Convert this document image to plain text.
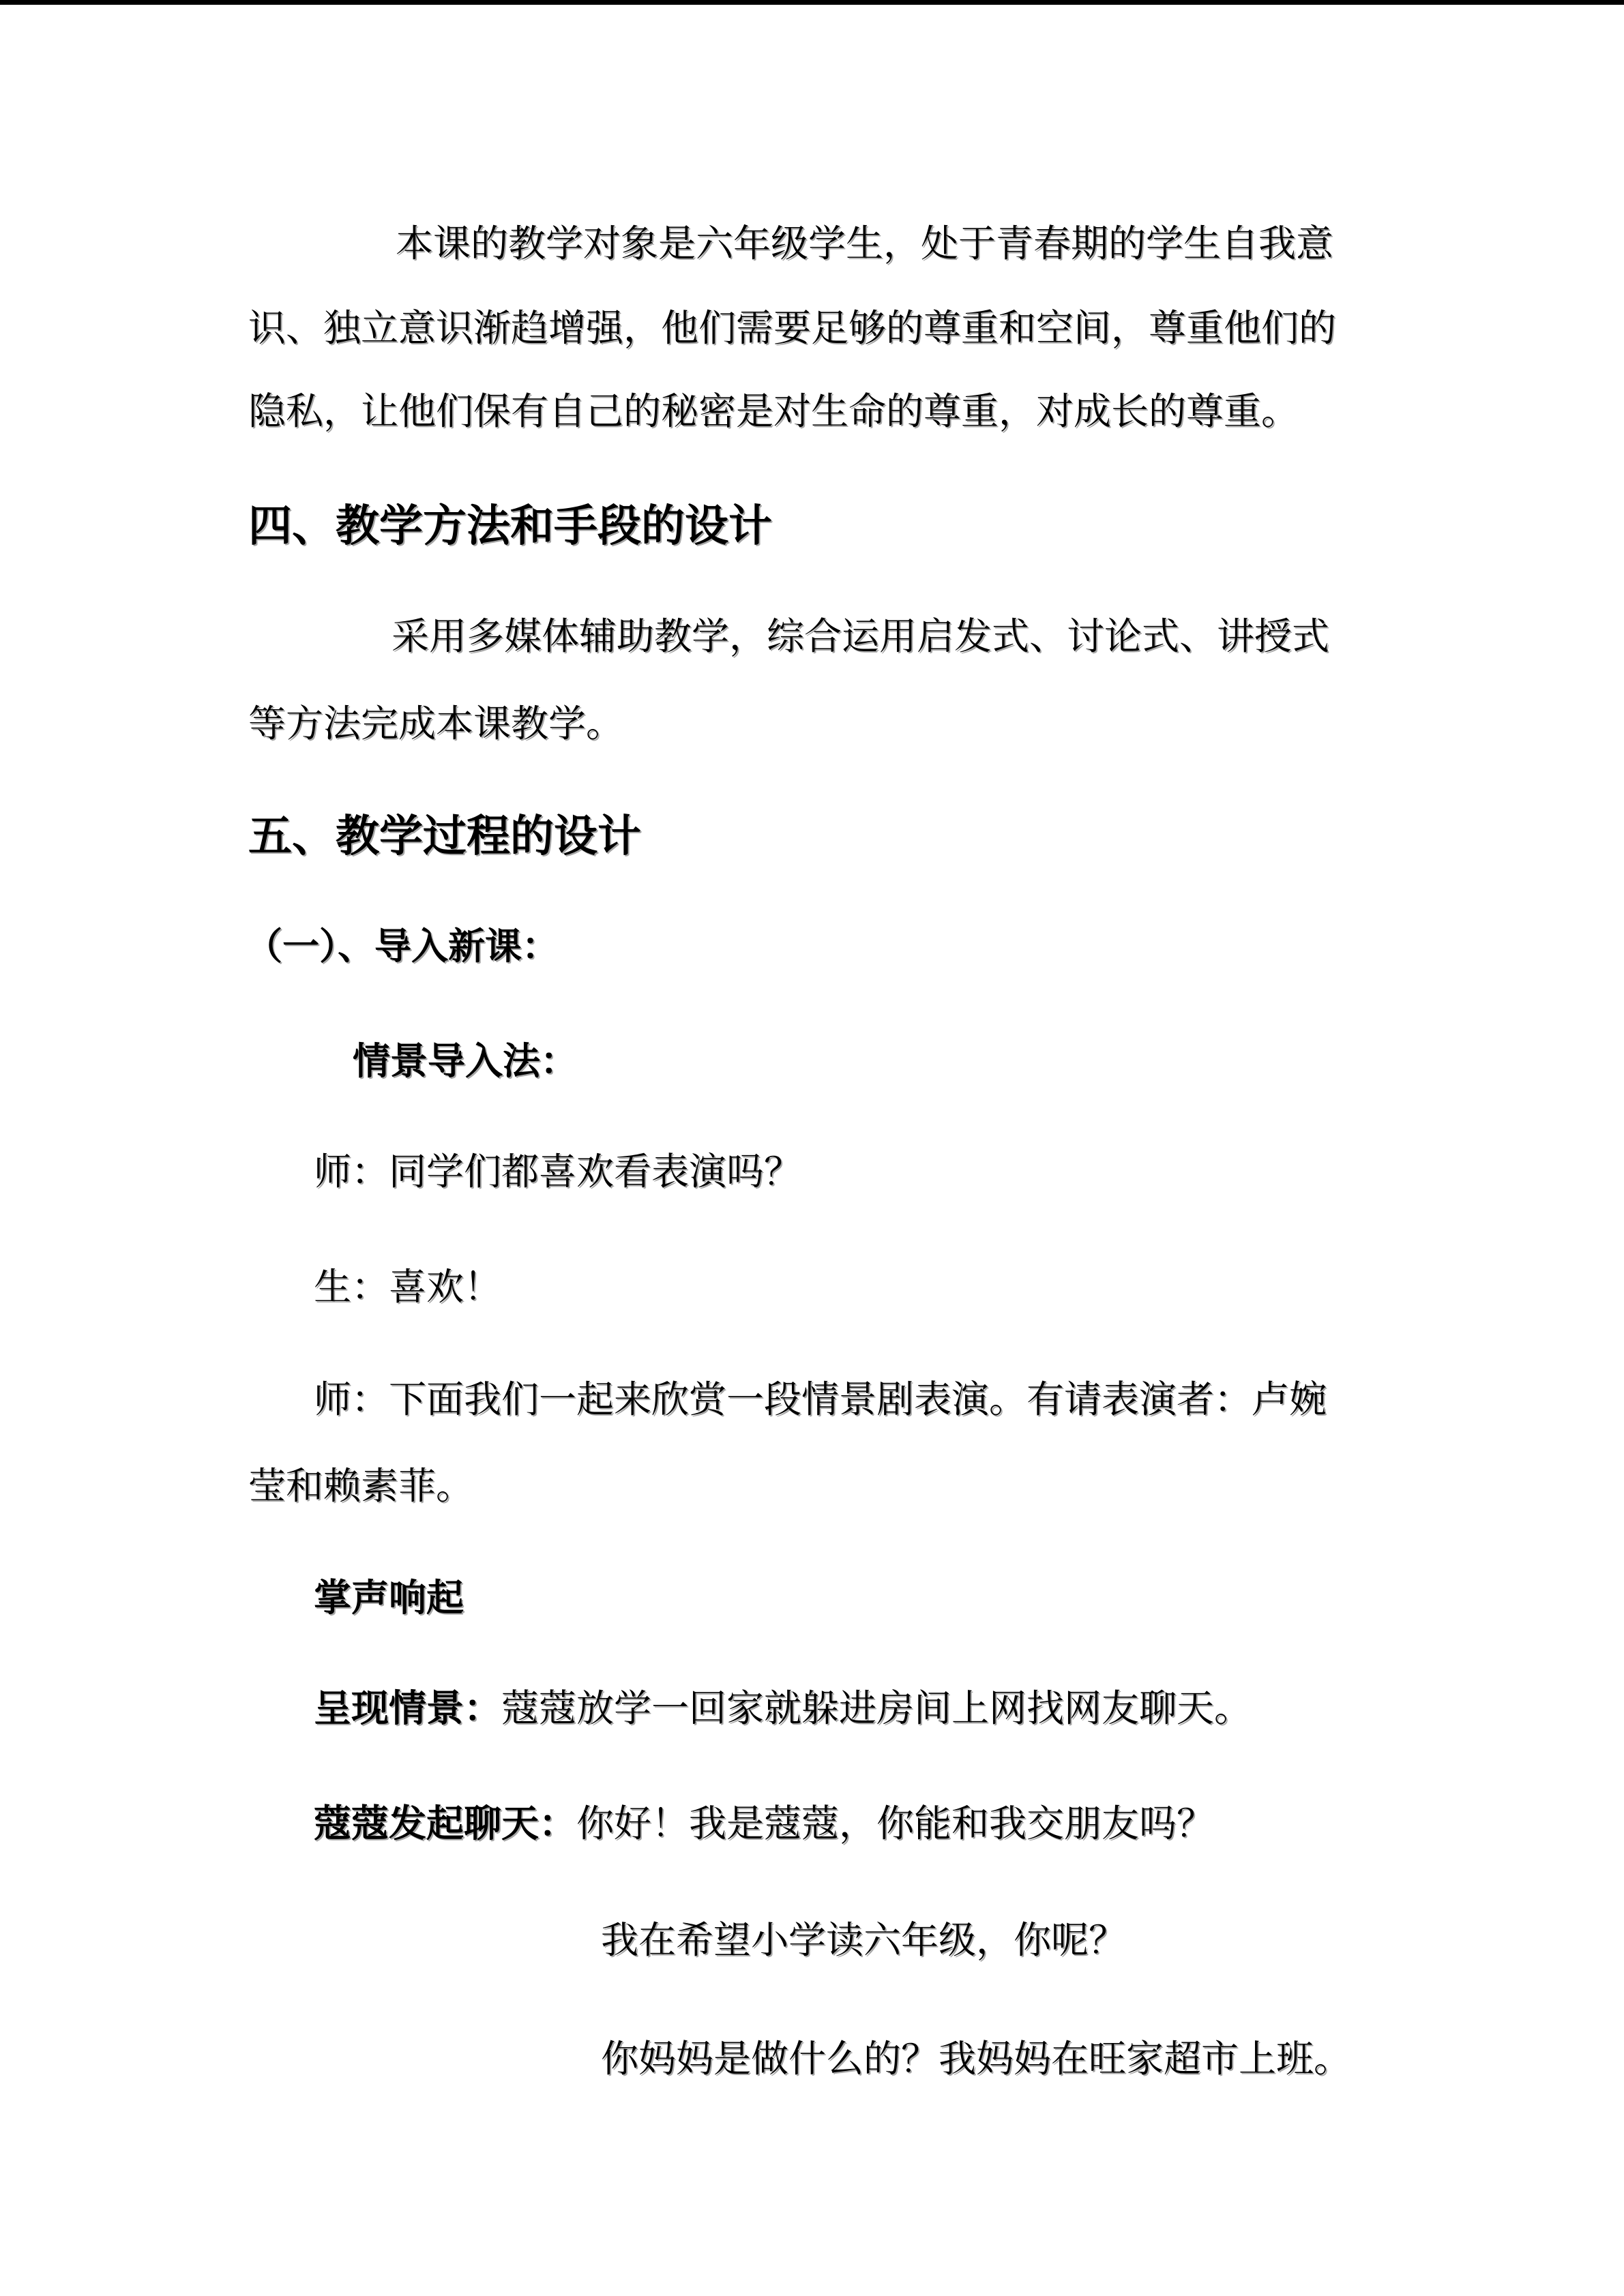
本课的教学对象是六年级学生，处于青春期的学生自我意
识、独立意识渐趋增强，他们需要足够的尊重和空间，尊重他们的
隐私，让他们保有自己的秘密是对生命的尊重，对成长的尊重。
四、教学方法和手段的设计
采用多媒体辅助教学，综合运用启发式、讨论式、讲授式
等方法完成本课教学。
五、教学过程的设计
（一）、导入新课：
情景导入法：
师：同学们都喜欢看表演吗？
生：喜欢！
师：下面我们一起来欣赏一段情景剧表演。有请表演者：卢婉
莹和赖素菲。
掌声响起
呈现情景：蔻蔻放学一回家就躲进房间上网找网友聊天。
蔻蔻发起聊天：你好！我是蔻蔻，你能和我交朋友吗？
我在希望小学读六年级，你呢？
你妈妈是做什么的？我妈妈在旺家超市上班。
